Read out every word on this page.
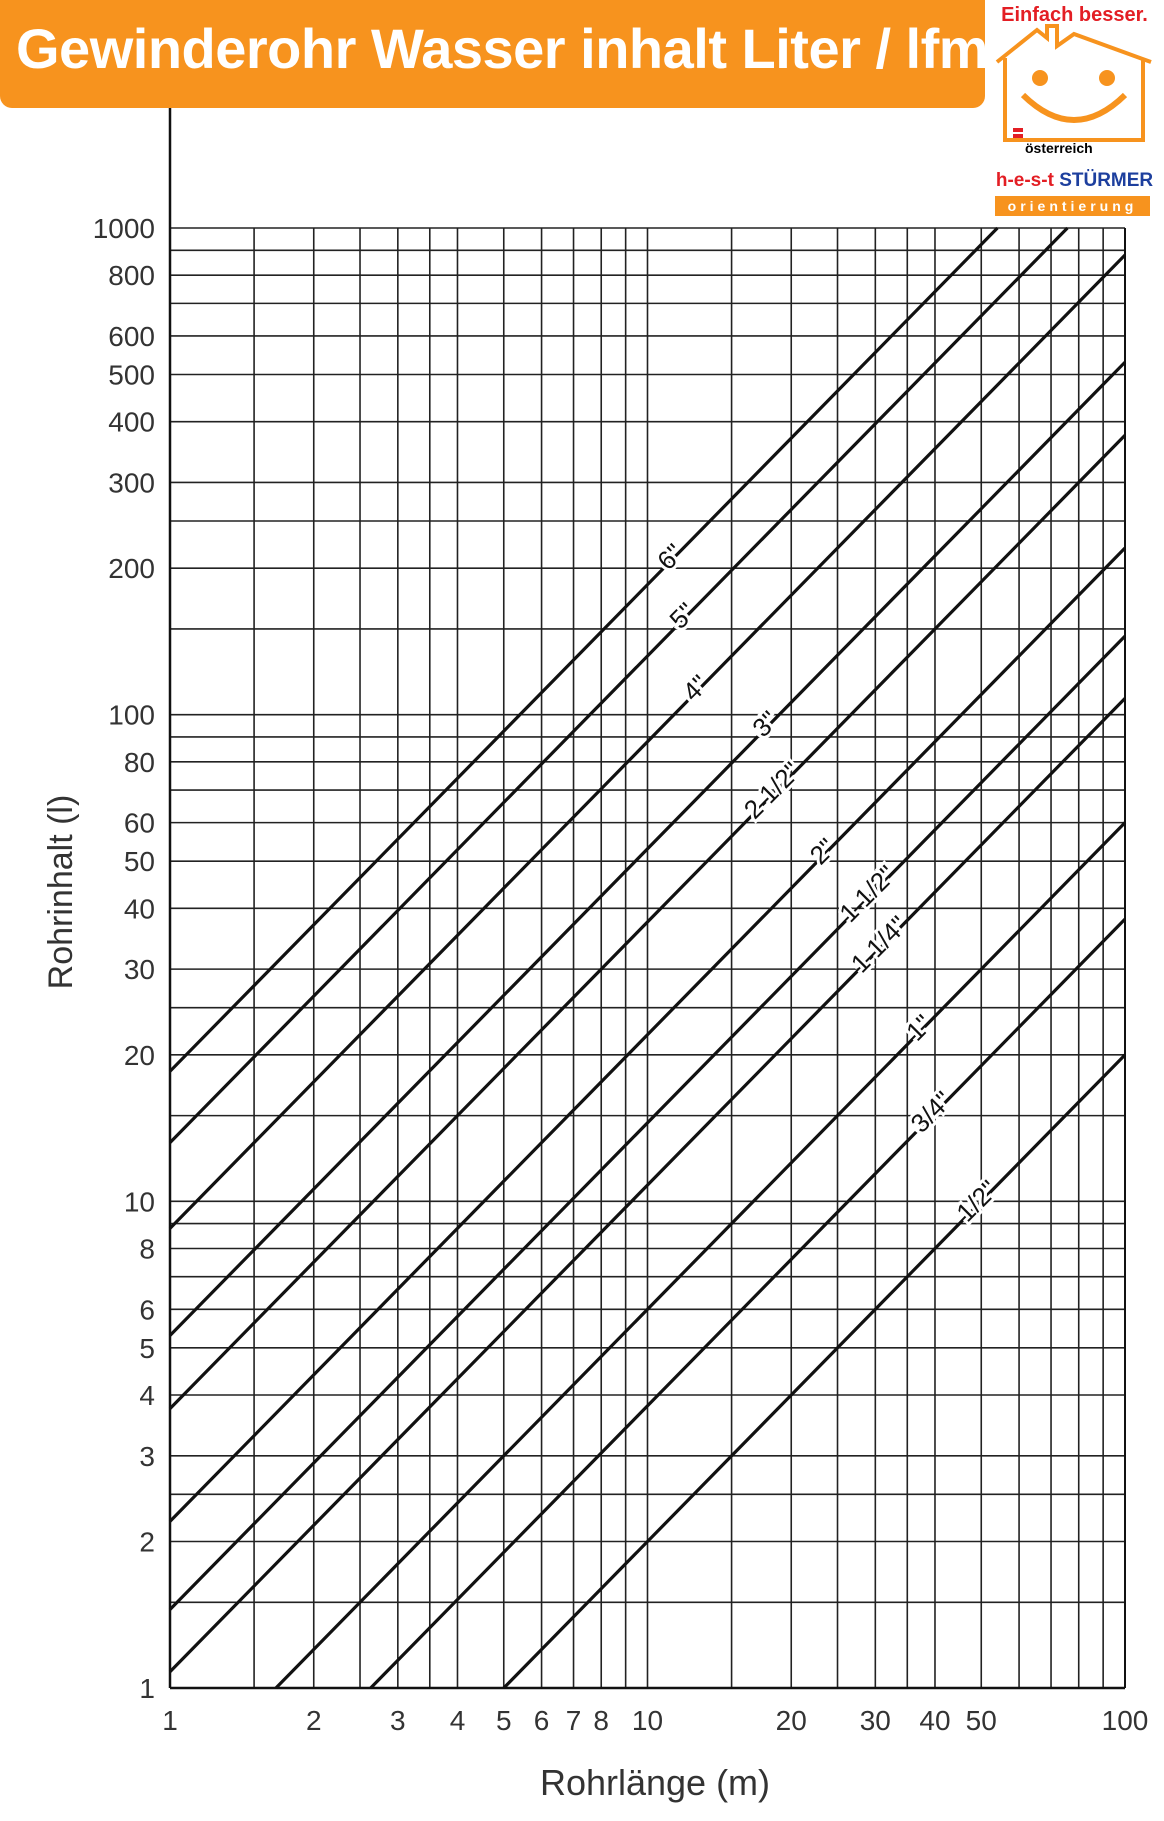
Gewinderohr Wasser inhalt Liter / lfm
Einfach besser.
österreich
h-e-s-t STÜRMER
orientierung
6"
5"
4"
3"
2 1/2"
2"
1 1/2"
1 1/4"
1"
3/4"
1/2"
1	2 3 4 5 6 7 8 10	20 30 40 50	100
1
2
3
4
5
6
8
10
20
30
40
50
60
80
100
200
300
400
500
600
800
1000
Rohrlänge (m)
Rohrinhalt (l)
